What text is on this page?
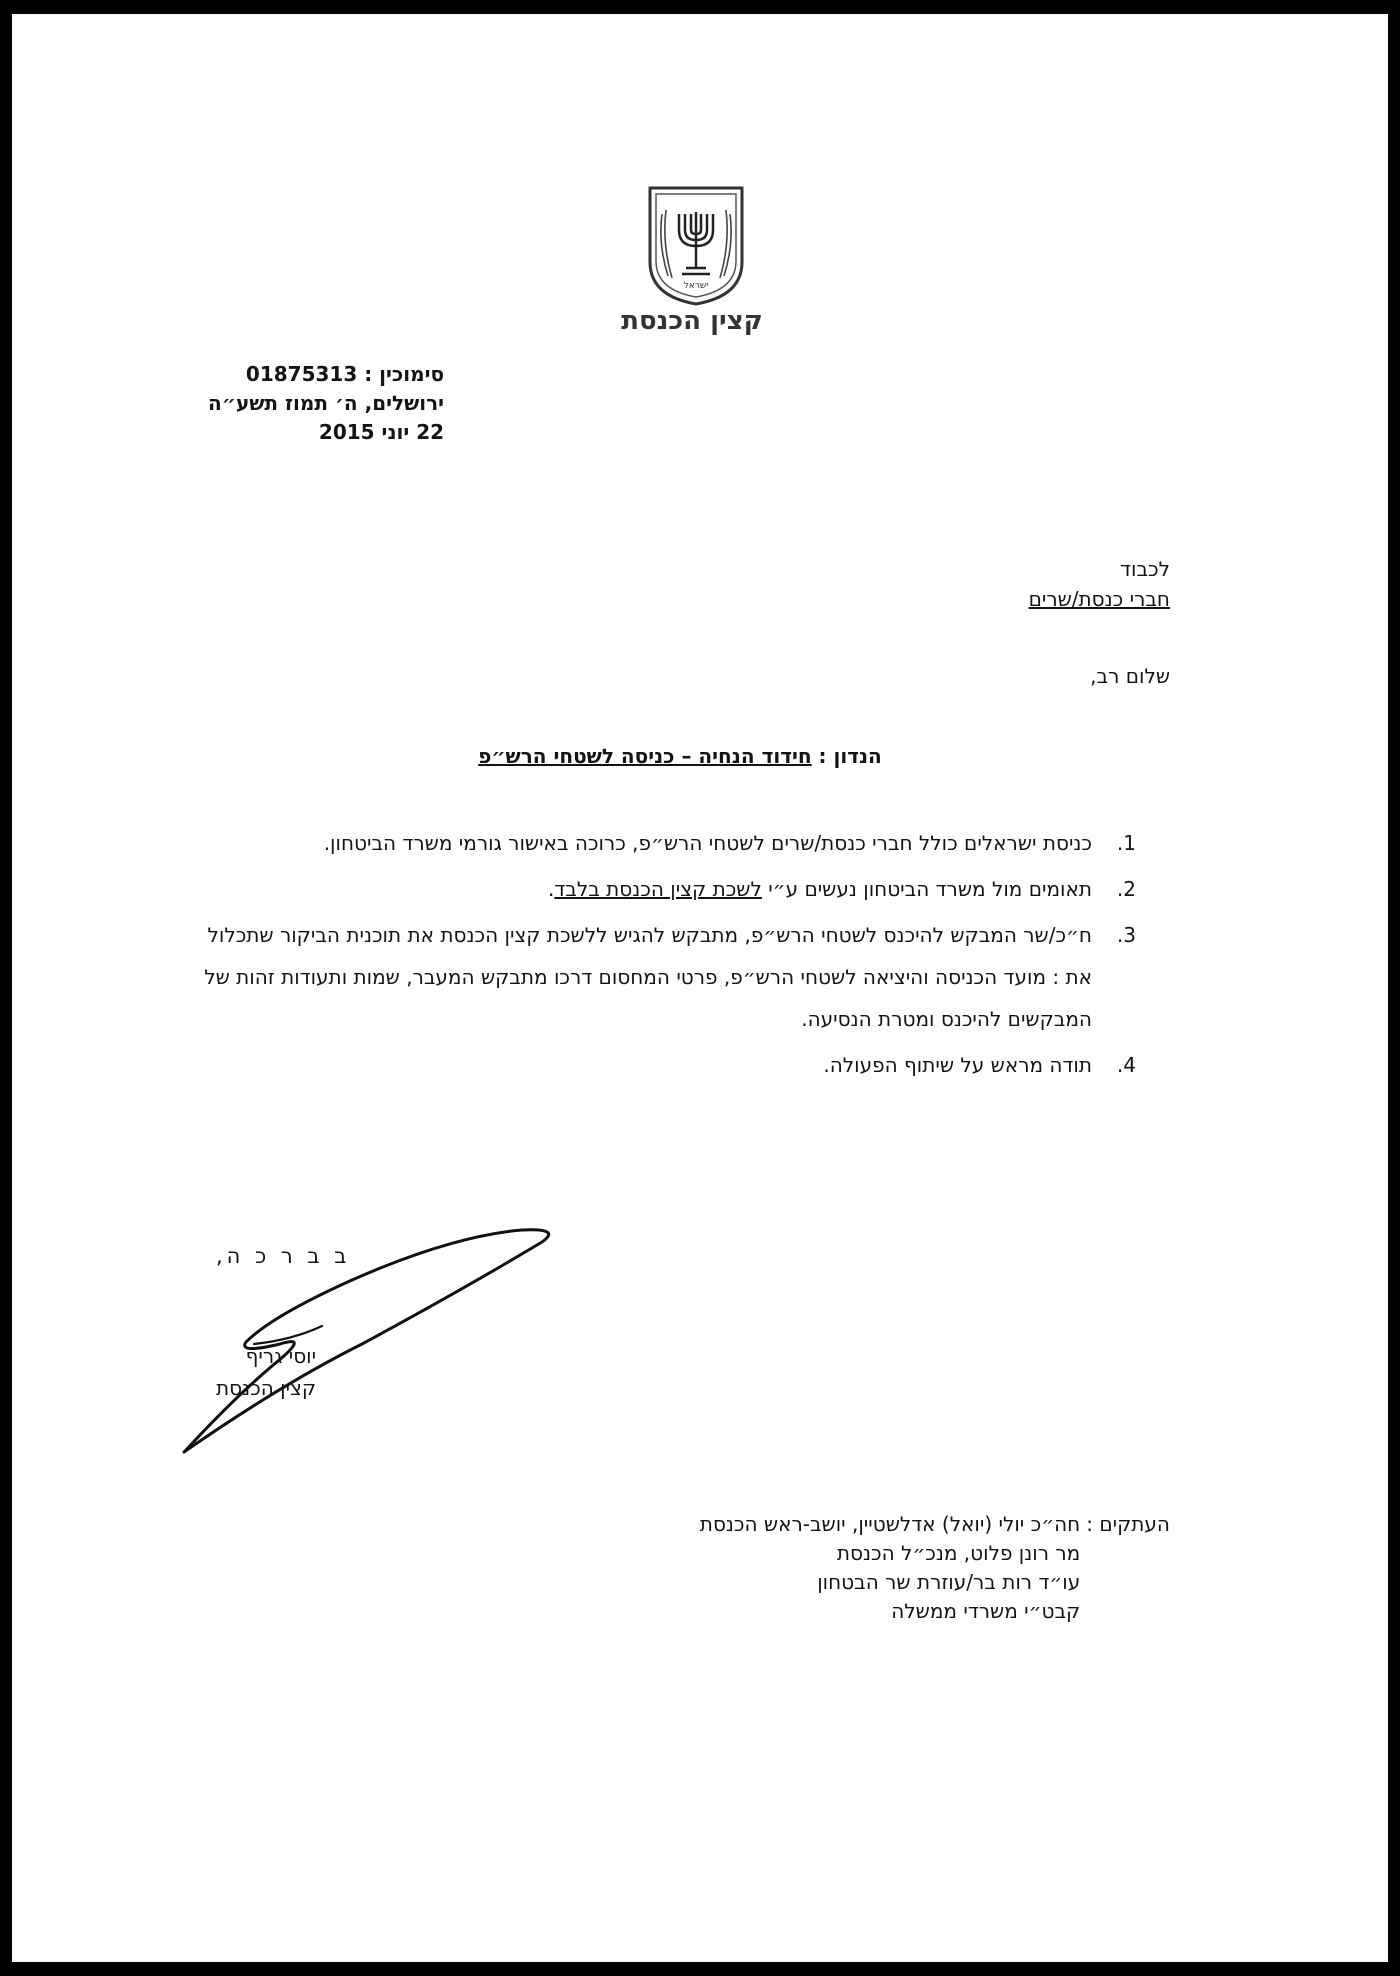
ישראל
קצין הכנסת
סימוכין : 01875313
ירושלים, ה׳ תמוז תשע״ה
22 יוני 2015
לכבוד
חברי כנסת/שרים
שלום רב,
הנדון : חידוד הנחיה – כניסה לשטחי הרש״פ
1.
כניסת ישראלים כולל חברי כנסת/שרים לשטחי הרש״פ, כרוכה באישור גורמי משרד הביטחון.
2.
תאומים מול משרד הביטחון נעשים ע״י לשכת קצין הכנסת בלבד.
3.
ח״כ/שר המבקש להיכנס לשטחי הרש״פ, מתבקש להגיש ללשכת קצין הכנסת את תוכנית הביקור שתכלול את : מועד הכניסה והיציאה לשטחי הרש״פ, פרטי המחסום דרכו מתבקש המעבר, שמות ותעודות זהות של המבקשים להיכנס ומטרת הנסיעה.
4.
תודה מראש על שיתוף הפעולה.
ב ב ר כ ה,
יוסי גריף
קצין הכנסת
העתקים :
חה״כ יולי (יואל) אדלשטיין, יושב-ראש הכנסת
מר רונן פלוט, מנכ״ל הכנסת
עו״ד רות בר/עוזרת שר הבטחון
קבט״י משרדי ממשלה
